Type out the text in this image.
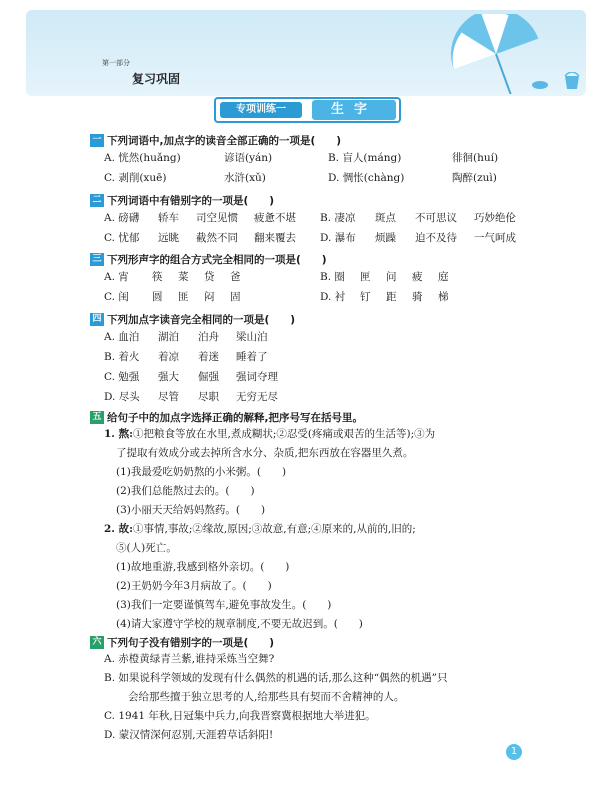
第一部分
复习巩固
专项训练一	生字
一 下列词语中,加点字的读音全部正确的一项是(　　)
A. 恍然(huǎng)	谚语(yán)	B. 盲人(máng)	徘徊(huí)
C. 剥削(xuē)	水浒(xǔ)	D. 惆怅(chàng)	陶醉(zuì)
二 下列词语中有错别字的一项是(　　)
A. 磅礴 轿车 司空见惯 疲惫不堪 B. 凄凉 斑点 不可思议 巧妙绝伦
C. 忧郁 远眺 截然不同 翻来覆去 D. 瀑布 烦躁 迫不及待 一气呵成
三 下列形声字的组合方式完全相同的一项是(　　)
A. 宵 筷 菜 贷 爸	B. 圈 匣 问 疲 庭
C. 闺 圆 匪 闷 固	D. 衬 钉 距 骑 梯
四 下列加点字读音完全相同的一项是(　　)
A. 血泊 湖泊 泊舟 梁山泊
B. 着火 着凉 着迷 睡着了
C. 勉强 强大 倔强 强词夺理
D. 尽头 尽管 尽职 无穷无尽
五 给句子中的加点字选择正确的解释,把序号写在括号里。
1. 熬:①把粮食等放在水里,煮成糊状;②忍受(疼痛或艰苦的生活等);③为
了提取有效成分或去掉所含水分、杂质,把东西放在容器里久煮。
(1)我最爱吃奶奶熬的小米粥。(　　)
(2)我们总能熬过去的。(　　)
(3)小丽天天给妈妈熬药。(　　)
2. 故:①事情,事故;②缘故,原因;③故意,有意;④原来的,从前的,旧的;
⑤(人)死亡。
(1)故地重游,我感到格外亲切。(　　)
(2)王奶奶今年3月病故了。(　　)
(3)我们一定要谨慎驾车,避免事故发生。(　　)
(4)请大家遵守学校的规章制度,不要无故迟到。(　　)
六 下列句子没有错别字的一项是(　　)
A. 赤橙黄绿青兰紫,谁持采炼当空舞?
B. 如果说科学领域的发现有什么偶然的机遇的话,那么这种“偶然的机遇”只
会给那些擅于独立思考的人,给那些具有契而不舍精神的人。
C. 1941 年秋,日冠集中兵力,向我晋察冀根据地大举进犯。
D. 蒙汉情深何忍别,天涯碧草话斜阳!
1
